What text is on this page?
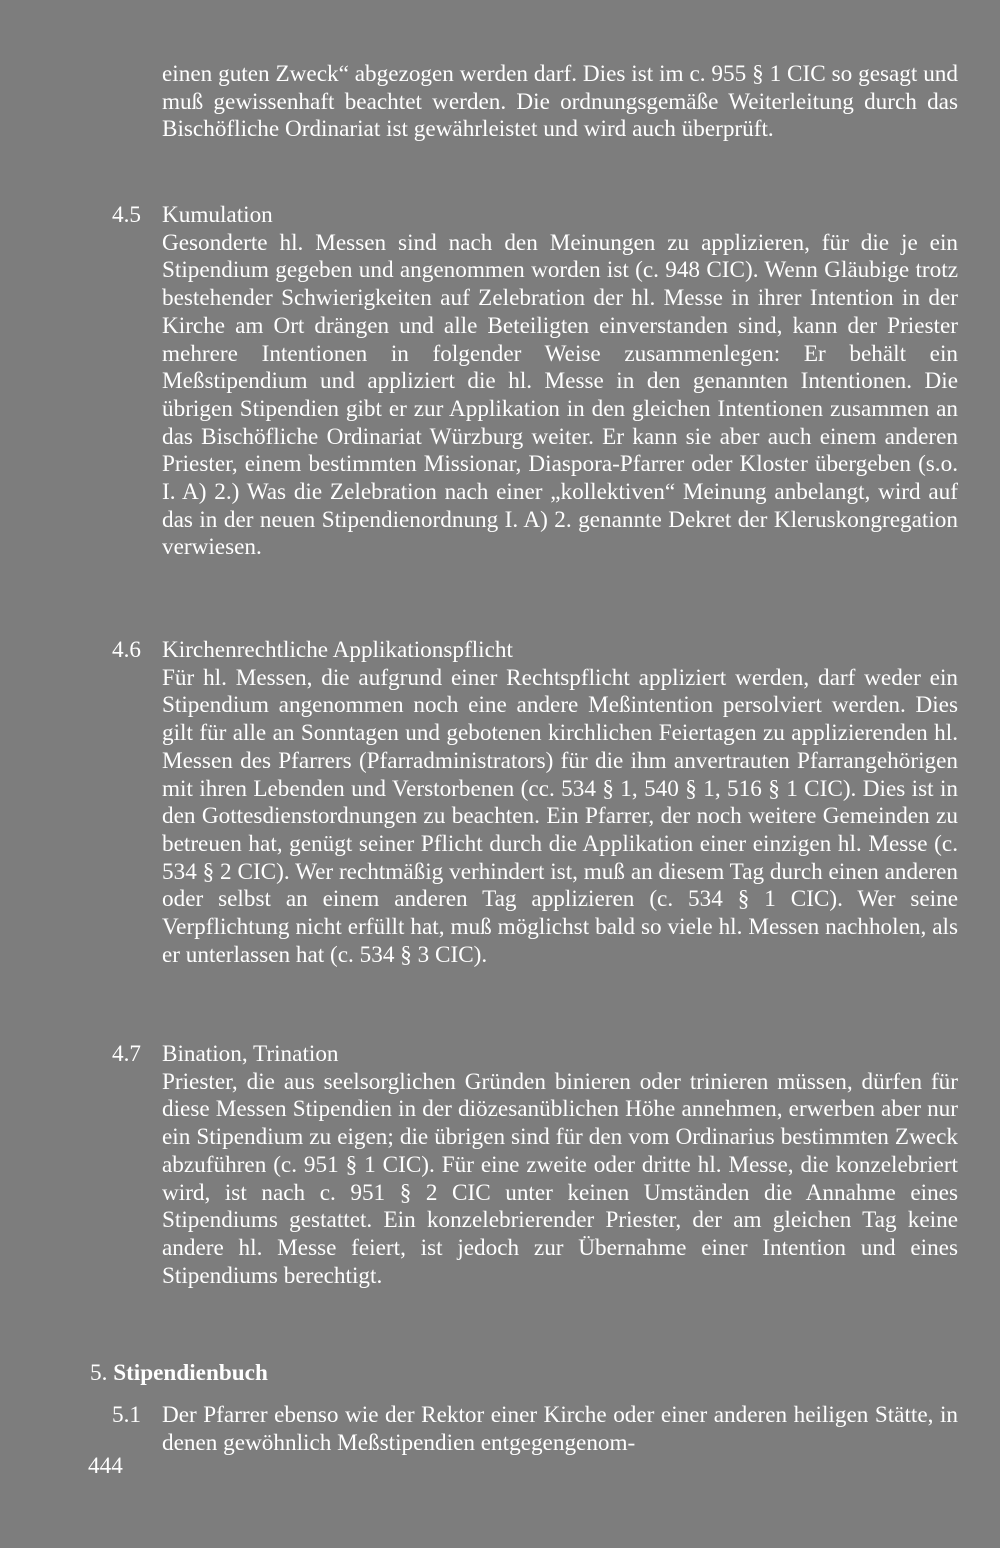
einen guten Zweck“ abgezogen werden darf. Dies ist im c. 955 § 1 CIC so gesagt und muß gewissenhaft beachtet werden. Die ordnungsgemäße Weiterleitung durch das Bischöfliche Ordinariat ist gewährleistet und wird auch überprüft.
4.5 Kumulation
Gesonderte hl. Messen sind nach den Meinungen zu applizieren, für die je ein Stipendium gegeben und angenommen worden ist (c. 948 CIC). Wenn Gläubige trotz bestehender Schwierigkeiten auf Zelebration der hl. Messe in ihrer Intention in der Kirche am Ort drängen und alle Beteiligten einverstanden sind, kann der Priester mehrere Intentionen in folgender Weise zusammenlegen: Er behält ein Meßstipendium und appliziert die hl. Messe in den genannten Intentionen. Die übrigen Stipendien gibt er zur Applikation in den gleichen Intentionen zusammen an das Bischöfliche Ordinariat Würzburg weiter. Er kann sie aber auch einem anderen Priester, einem bestimmten Missionar, Diaspora-Pfarrer oder Kloster übergeben (s.o. I. A) 2.) Was die Zelebration nach einer „kollektiven“ Meinung anbelangt, wird auf das in der neuen Stipendienordnung I. A) 2. genannte Dekret der Kleruskongregation verwiesen.
4.6 Kirchenrechtliche Applikationspflicht
Für hl. Messen, die aufgrund einer Rechtspflicht appliziert werden, darf weder ein Stipendium angenommen noch eine andere Meßintention persolviert werden. Dies gilt für alle an Sonntagen und gebotenen kirchlichen Feiertagen zu applizierenden hl. Messen des Pfarrers (Pfarradministrators) für die ihm anvertrauten Pfarrangehörigen mit ihren Lebenden und Verstorbenen (cc. 534 § 1, 540 § 1, 516 § 1 CIC). Dies ist in den Gottesdienstordnungen zu beachten. Ein Pfarrer, der noch weitere Gemeinden zu betreuen hat, genügt seiner Pflicht durch die Applikation einer einzigen hl. Messe (c. 534 § 2 CIC). Wer rechtmäßig verhindert ist, muß an diesem Tag durch einen anderen oder selbst an einem anderen Tag applizieren (c. 534 § 1 CIC). Wer seine Verpflichtung nicht erfüllt hat, muß möglichst bald so viele hl. Messen nachholen, als er unterlassen hat (c. 534 § 3 CIC).
4.7 Bination, Trination
Priester, die aus seelsorglichen Gründen binieren oder trinieren müssen, dürfen für diese Messen Stipendien in der diözesanüblichen Höhe annehmen, erwerben aber nur ein Stipendium zu eigen; die übrigen sind für den vom Ordinarius bestimmten Zweck abzuführen (c. 951 § 1 CIC). Für eine zweite oder dritte hl. Messe, die konzelebriert wird, ist nach c. 951 § 2 CIC unter keinen Umständen die Annahme eines Stipendiums gestattet. Ein konzelebrierender Priester, der am gleichen Tag keine andere hl. Messe feiert, ist jedoch zur Übernahme einer Intention und eines Stipendiums berechtigt.
5. Stipendienbuch
5.1 Der Pfarrer ebenso wie der Rektor einer Kirche oder einer anderen heiligen Stätte, in denen gewöhnlich Meßstipendien entgegengenom-
444
